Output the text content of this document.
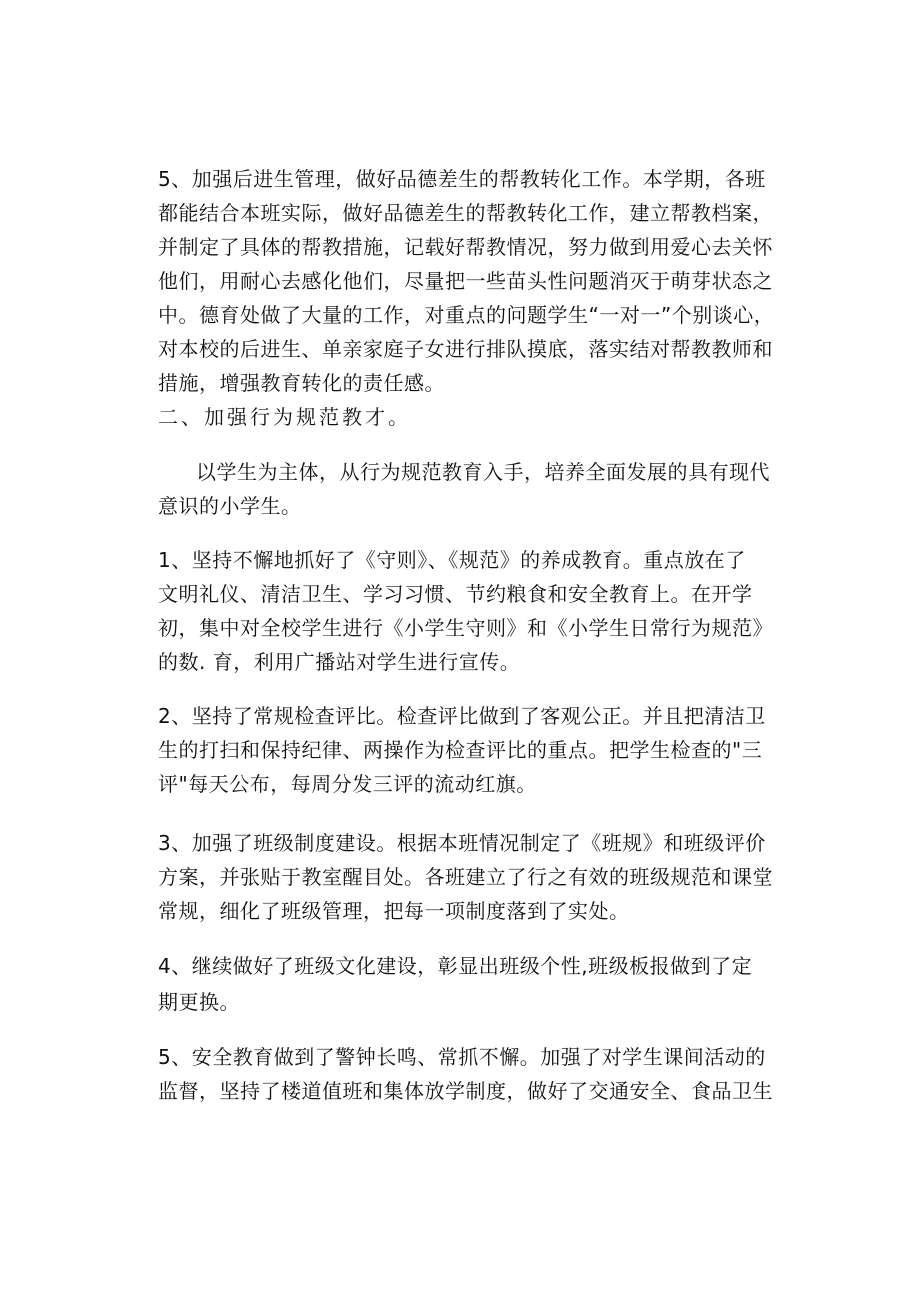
5、加强后进生管理，做好品德差生的帮教转化工作。本学期，各班
都能结合本班实际，做好品德差生的帮教转化工作，建立帮教档案，
并制定了具体的帮教措施，记载好帮教情况，努力做到用爱心去关怀
他们，用耐心去感化他们，尽量把一些苗头性问题消灭于萌芽状态之
中。德育处做了大量的工作，对重点的问题学生“一对一”个别谈心，
对本校的后进生、单亲家庭子女进行排队摸底，落实结对帮教教师和
措施，增强教育转化的责任感。
二、加强行为规范教才。
以学生为主体，从行为规范教育入手，培养全面发展的具有现代
意识的小学生。
1、坚持不懈地抓好了《守则》、《规范》的养成教育。重点放在了
文明礼仪、清洁卫生、学习习惯、节约粮食和安全教育上。在开学
初，集中对全校学生进行《小学生守则》和《小学生日常行为规范》
的数. 育，利用广播站对学生进行宣传。
2、坚持了常规检查评比。检查评比做到了客观公正。并且把清洁卫
生的打扫和保持纪律、两操作为检查评比的重点。把学生检查的"三
评"每天公布，每周分发三评的流动红旗。
3、加强了班级制度建设。根据本班情况制定了《班规》和班级评价
方案，并张贴于教室醒目处。各班建立了行之有效的班级规范和课堂
常规，细化了班级管理，把每一项制度落到了实处。
4、继续做好了班级文化建设，彰显出班级个性,班级板报做到了定
期更换。
5、安全教育做到了警钟长鸣、常抓不懈。加强了对学生课间活动的
监督，坚持了楼道值班和集体放学制度，做好了交通安全、食品卫生
